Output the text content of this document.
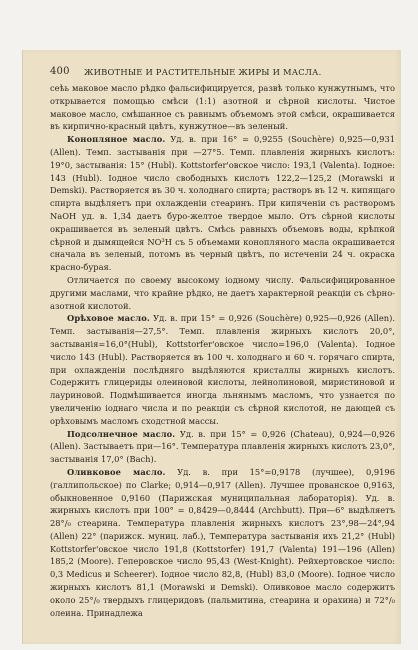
400 ЖИВОТНЫЕ И РАСТИТЕЛЬНЫЕ ЖИРЫ И МАСЛА.

сеѣь маковое масло рѣдко фальсифицируется, развѣ только кунжутнымъ, что открывается помощью смѣси (1:1) азотной и сѣрной кислоты. Чистое маковое масло, смѣшанное съ равнымъ объемомъ этой смѣси, окрашивается въ кирпично-красный цвѣтъ, кунжутное—въ зеленый.

Конопляное масло. Уд. в. при 16° = 0,9255 (Souchère) 0,925—0,931 (Allen). Темп. застыванія при —27°5. Темп. плавленія жирныхъ кислотъ: 19°0, застыванія: 15° (Hubl). Kottstorfer'овское число: 193,1 (Valenta). Іодное: 143 (Hubl). Іодное число свободныхъ кислотъ 122,2—125,2 (Morawski и Demski). Растворяется въ 30 ч. холоднаго спирта; растворъ въ 12 ч. кипящаго спирта выдѣляетъ при охлажденіи стеаринъ. При кипяченіи съ растворомъ NaOH уд. в. 1,34 даетъ буро-желтое твердое мыло. Отъ сѣрной кислоты окрашивается въ зеленый цвѣтъ. Смѣсь равныхъ объемовъ воды, крѣпкой сѣрной и дымящейся NO³H съ 5 объемами конопляного масла окрашивается сначала въ зеленый, потомъ въ черный цвѣтъ, по истеченіи 24 ч. окраска красно-бурая.

Отличается по своему высокому іодному числу. Фальсифицированное другими маслами, что крайне рѣдко, не даетъ характерной реакціи съ сѣрно-азотной кислотой.

Орѣховое масло. Уд. в. при 15° = 0,926 (Souchère) 0,925—0,926 (Allen). Темп. застыванія—27,5°. Темп. плавленія жирныхъ кислотъ 20,0°, застыванія=16,0°(Hubl), Kottstorfer'овское число=196,0 (Valenta). Іодное число 143 (Hubl). Растворяется въ 100 ч. холоднаго и 60 ч. горячаго спирта, при охлажденіи послѣдняго выдѣляются кристаллы жирныхъ кислотъ. Содержитъ глицериды олеиновой кислоты, лейнолиновой, миристиновой и лауриновой. Подмѣшивается иногда льнянымъ масломъ, что узнается по увеличенію іоднаго числа и по реакціи съ сѣрной кислотой, не дающей съ орѣховымъ масломъ сходстной массы.

Подсолнечное масло. Уд. в. при 15° = 0,926 (Chateau), 0,924—0,926 (Allen). Застываетъ при—16°. Температура плавленія жирныхъ кислотъ 23,0°, застыванія 17,0° (Bach).

Оливковое масло. Уд. в. при 15°=0,9178 (лучшее), 0,9196 (галлипольское) по Clarke; 0,914—0,917 (Allen). Лучшее прованское 0,9163, обыкновенное 0,9160 (Парижская муниципальная лабораторія). Уд. в. жирныхъ кислотъ при 100° = 0,8429—0,8444 (Archbutt). При—6° выдѣляетъ 28°/₀ стеарина. Температура плавленія жирныхъ кислотъ 23°,98—24°,94 (Allen) 22° (парижск. муниц. лаб.), Температура застыванія ихъ 21,2° (Hubl) Kottstorfer'овское число 191,8 (Kottstorfer) 191,7 (Valenta) 191—196 (Allen) 185,2 (Moore). Геперовское число 95,43 (West-Knight). Рейхертовское число: 0,3 Medicus и Scheerer). Іодное число 82,8, (Hubl) 83,0 (Moore). Іодное число жирныхъ кислотъ 81,1 (Morawski и Demski). Оливковое масло содержитъ около 25°/₀ твердыхъ глицеридовъ (пальмитина, стеарина и орахина) и 72°/₀ олеина. Принадлежа
